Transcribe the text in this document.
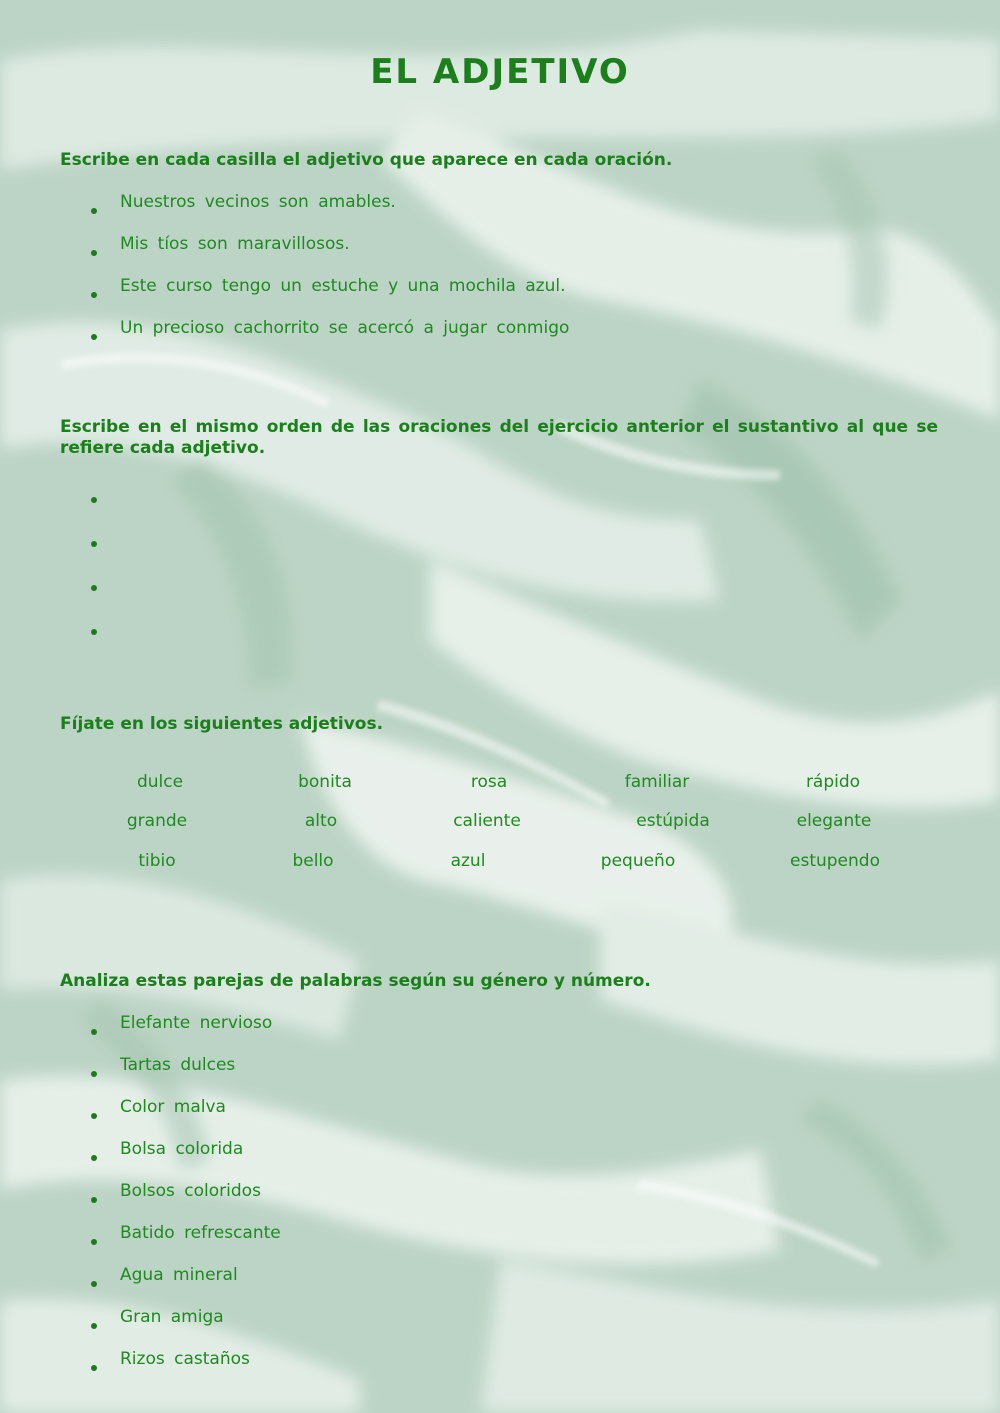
EL ADJETIVO
Escribe en cada casilla el adjetivo que aparece en cada oración.
Nuestros vecinos son amables.
Mis tíos son maravillosos.
Este curso tengo un estuche y una mochila azul.
Un precioso cachorrito se acercó a jugar conmigo
Escribe en el mismo orden de las oraciones del ejercicio anterior el sustantivo al que se refiere cada adjetivo.
Fíjate en los siguientes adjetivos.
dulce	bonita	rosa	familiar	rápido
grande	alto	caliente	estúpida	elegante
tibio	bello	azul	pequeño	estupendo
Analiza estas parejas de palabras según su género y número.
Elefante nervioso
Tartas dulces
Color malva
Bolsa colorida
Bolsos coloridos
Batido refrescante
Agua mineral
Gran amiga
Rizos castaños
